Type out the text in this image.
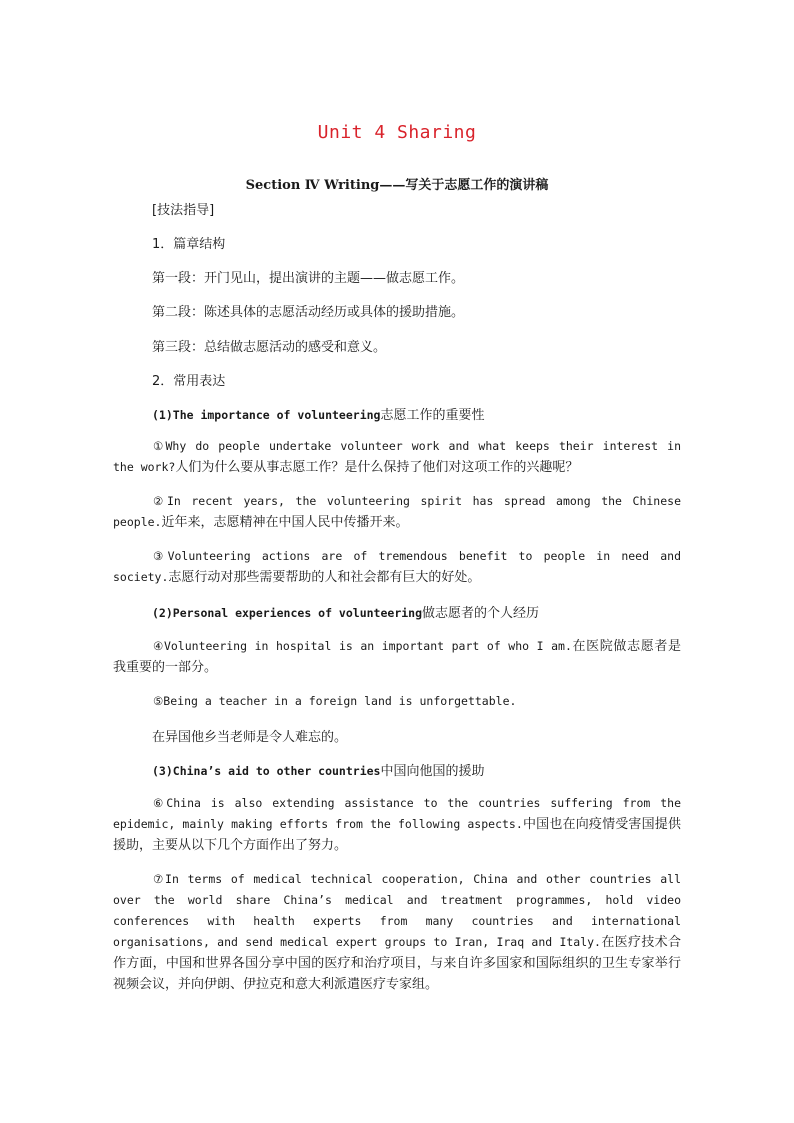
Unit 4 Sharing
Section Ⅳ Writing——写关于志愿工作的演讲稿
[技法指导]
1．篇章结构
第一段：开门见山，提出演讲的主题——做志愿工作。
第二段：陈述具体的志愿活动经历或具体的援助措施。
第三段：总结做志愿活动的感受和意义。
2．常用表达
(1)The importance of volunteering志愿工作的重要性
①Why do people undertake volunteer work and what keeps their interest in the work?人们为什么要从事志愿工作？是什么保持了他们对这项工作的兴趣呢？
②In recent years, the volunteering spirit has spread among the Chinese people.近年来，志愿精神在中国人民中传播开来。
③Volunteering actions are of tremendous benefit to people in need and society.志愿行动对那些需要帮助的人和社会都有巨大的好处。
(2)Personal experiences of volunteering做志愿者的个人经历
④Volunteering in hospital is an important part of who I am.在医院做志愿者是我重要的一部分。
⑤Being a teacher in a foreign land is unforgettable.
在异国他乡当老师是令人难忘的。
(3)China’s aid to other countries中国向他国的援助
⑥China is also extending assistance to the countries suffering from the epidemic, mainly making efforts from the following aspects.中国也在向疫情受害国提供援助，主要从以下几个方面作出了努力。
⑦In terms of medical technical cooperation, China and other countries all over the world share China’s medical and treatment programmes, hold video conferences with health experts from many countries and international organisations, and send medical expert groups to Iran, Iraq and Italy.在医疗技术合作方面，中国和世界各国分享中国的医疗和治疗项目，与来自许多国家和国际组织的卫生专家举行视频会议，并向伊朗、伊拉克和意大利派遣医疗专家组。
